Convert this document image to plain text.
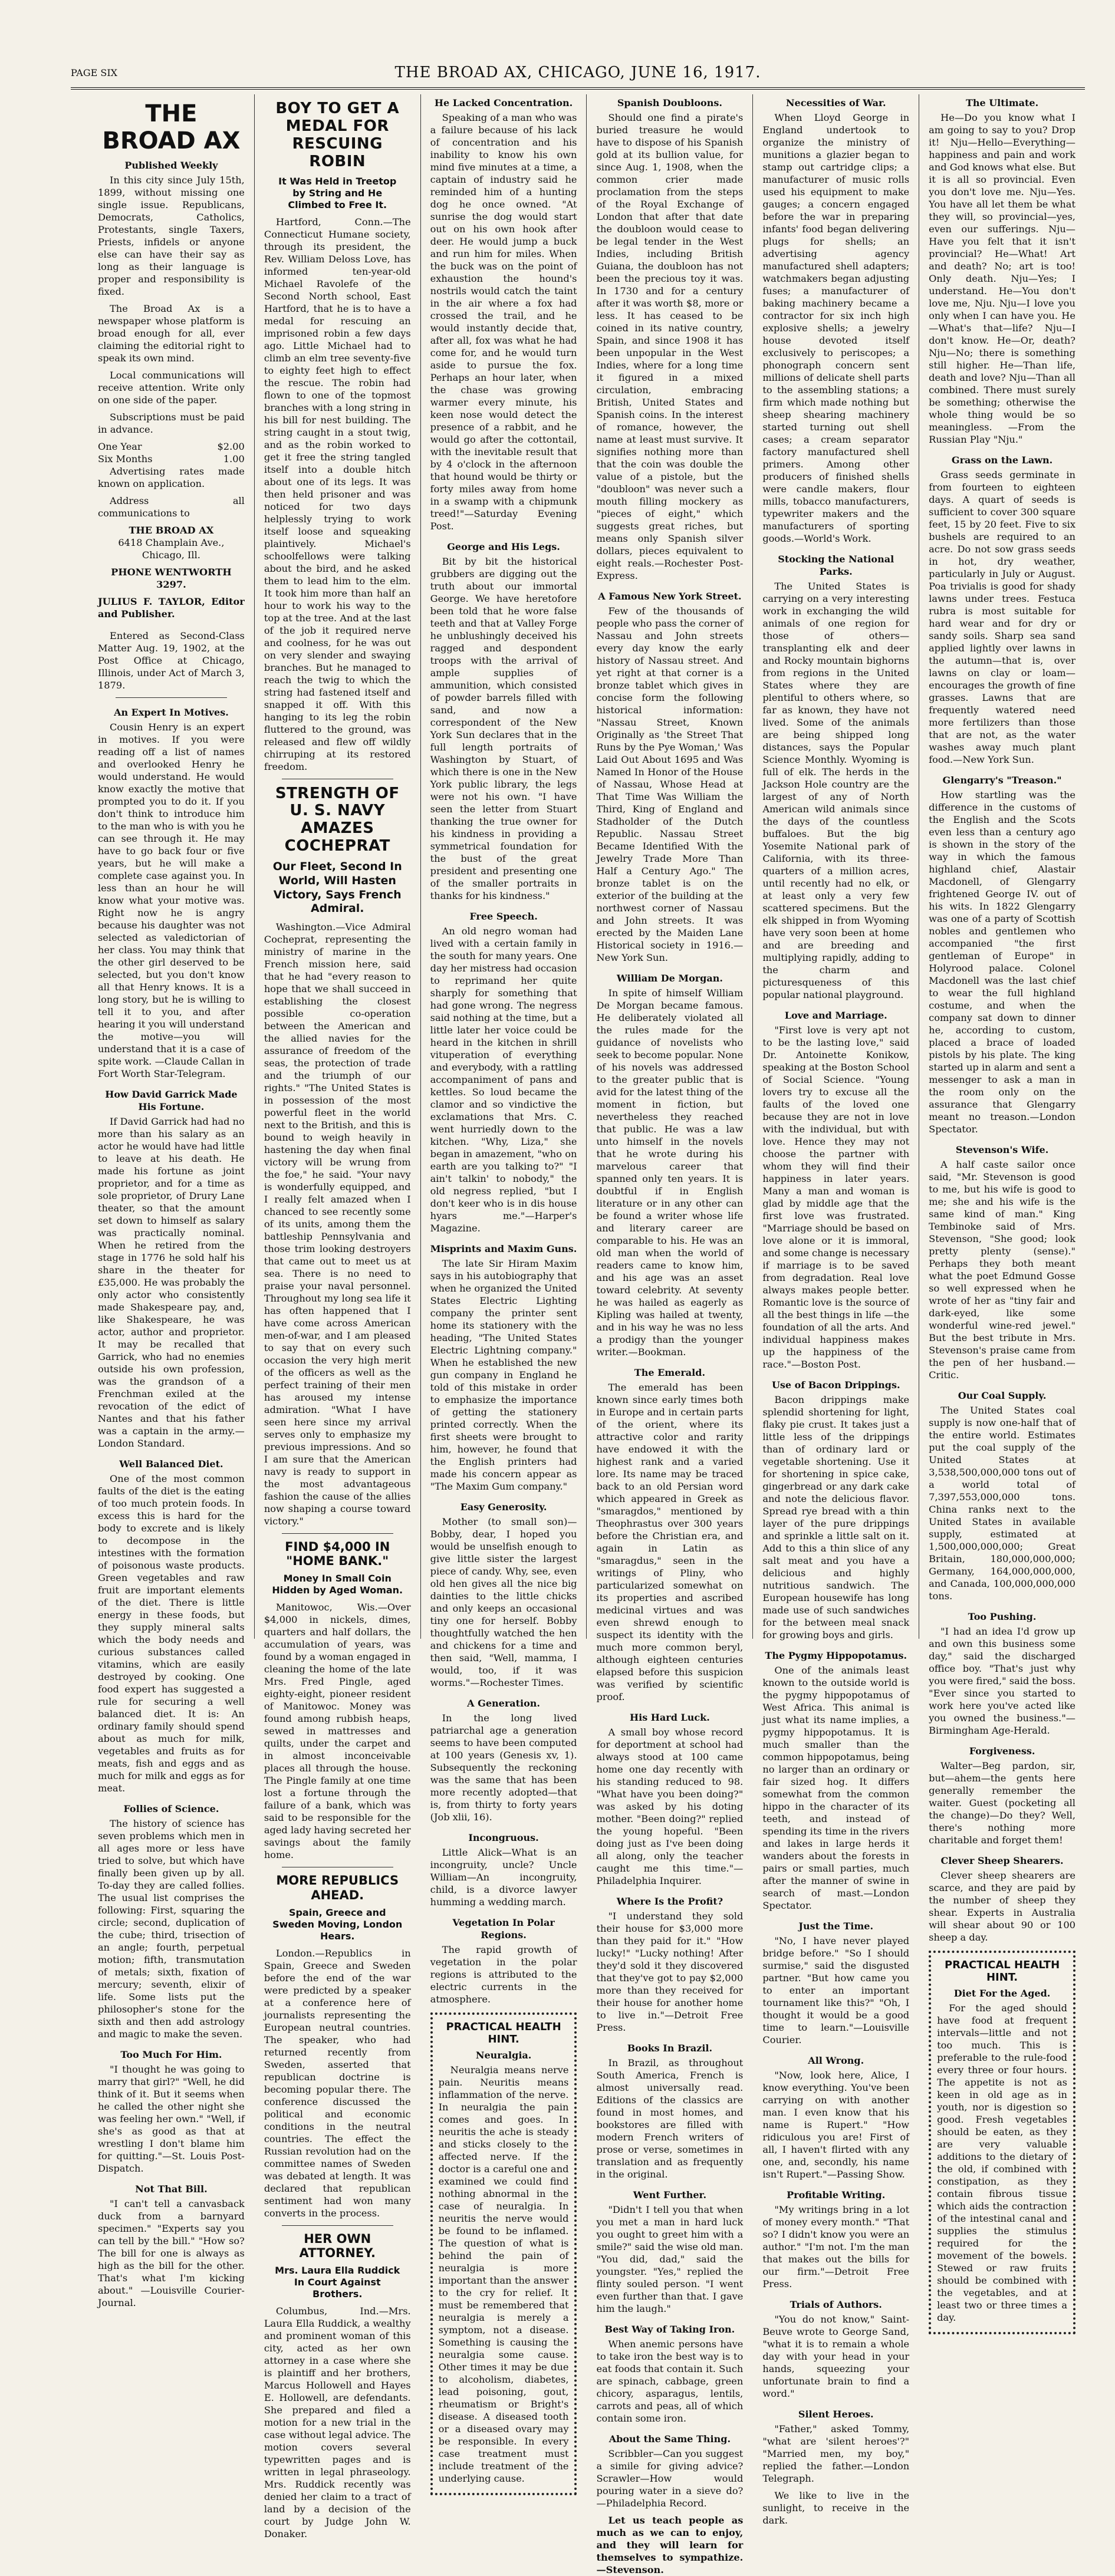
PAGE SIX	THE BROAD AX, CHICAGO, JUNE 16, 1917.
THE BROAD AX
Published Weekly

In this city since July 15th, 1899, without missing one single issue. Republicans, Democrats, Catholics, Protestants, single Taxers, Priests, infidels or anyone else can have their say as long as their language is proper and responsibility is fixed.

The Broad Ax is a newspaper whose platform is broad enough for all, ever claiming the editorial right to speak its own mind.

Local communications will receive attention. Write only on one side of the paper.

Subscriptions must be paid in advance.

One Year	$2.00
Six Months	1.00

Advertising rates made known on application.

Address all communications to

THE BROAD AX

6418 Champlain Ave., Chicago, Ill.

PHONE WENTWORTH 3297.

JULIUS F. TAYLOR, Editor and Publisher.

Entered as Second-Class Matter Aug. 19, 1902, at the Post Office at Chicago, Illinois, under Act of March 3, 1879.

An Expert In Motives.

Cousin Henry is an expert in motives. If you were reading off a list of names and overlooked Henry he would understand. He would know exactly the motive that prompted you to do it. If you don't think to introduce him to the man who is with you he can see through it. He may have to go back four or five years, but he will make a complete case against you. In less than an hour he will know what your motive was. Right now he is angry because his daughter was not selected as valedictorian of her class. You may think that the other girl deserved to be selected, but you don't know all that Henry knows. It is a long story, but he is willing to tell it to you, and after hearing it you will understand the motive—you will understand that it is a case of spite work. —Claude Callan in Fort Worth Star-Telegram.

How David Garrick Made His Fortune.

If David Garrick had had no more than his salary as an actor he would have had little to leave at his death. He made his fortune as joint proprietor, and for a time as sole proprietor, of Drury Lane theater, so that the amount set down to himself as salary was practically nominal. When he retired from the stage in 1776 he sold half his share in the theater for £35,000. He was probably the only actor who consistently made Shakespeare pay, and, like Shakespeare, he was actor, author and proprietor. It may be recalled that Garrick, who had no enemies outside his own profession, was the grandson of a Frenchman exiled at the revocation of the edict of Nantes and that his father was a captain in the army.—London Standard.

Well Balanced Diet.

One of the most common faults of the diet is the eating of too much protein foods. In excess this is hard for the body to excrete and is likely to decompose in the intestines with the formation of poisonous waste products. Green vegetables and raw fruit are important elements of the diet. There is little energy in these foods, but they supply mineral salts which the body needs and curious substances called vitamins, which are easily destroyed by cooking. One food expert has suggested a rule for securing a well balanced diet. It is: An ordinary family should spend about as much for milk, vegetables and fruits as for meats, fish and eggs and as much for milk and eggs as for meat.

Follies of Science.

The history of science has seven problems which men in all ages more or less have tried to solve, but which have finally been given up by all. To-day they are called follies. The usual list comprises the following: First, squaring the circle; second, duplication of the cube; third, trisection of an angle; fourth, perpetual motion; fifth, transmutation of metals; sixth, fixation of mercury; seventh, elixir of life. Some lists put the philosopher's stone for the sixth and then add astrology and magic to make the seven.

Too Much For Him.

"I thought he was going to marry that girl?" "Well, he did think of it. But it seems when he called the other night she was feeling her own." "Well, if she's as good as that at wrestling I don't blame him for quitting."—St. Louis Post-Dispatch.

Not That Bill.

"I can't tell a canvasback duck from a barnyard specimen." "Experts say you can tell by the bill." "How so? The bill for one is always as high as the bill for the other. That's what I'm kicking about." —Louisville Courier-Journal.

BOY TO GET A MEDAL FOR RESCUING ROBIN
It Was Held in Treetop by String and He Climbed to Free It.

Hartford, Conn.—The Connecticut Humane society, through its president, the Rev. William Deloss Love, has informed ten-year-old Michael Ravolefe of the Second North school, East Hartford, that he is to have a medal for rescuing an imprisoned robin a few days ago. Little Michael had to climb an elm tree seventy-five to eighty feet high to effect the rescue. The robin had flown to one of the topmost branches with a long string in his bill for nest building. The string caught in a stout twig, and as the robin worked to get it free the string tangled itself into a double hitch about one of its legs. It was then held prisoner and was noticed for two days helplessly trying to work itself loose and squeaking plaintively. Michael's schoolfellows were talking about the bird, and he asked them to lead him to the elm. It took him more than half an hour to work his way to the top at the tree. And at the last of the job it required nerve and coolness, for he was out on very slender and swaying branches. But he managed to reach the twig to which the string had fastened itself and snapped it off. With this hanging to its leg the robin fluttered to the ground, was released and flew off wildly chirruping at its restored freedom.

STRENGTH OF U. S. NAVY AMAZES COCHEPRAT
Our Fleet, Second In World, Will Hasten Victory, Says French Admiral.

Washington.—Vice Admiral Cocheprat, representing the ministry of marine in the French mission here, said that he had "every reason to hope that we shall succeed in establishing the closest possible co-operation between the American and the allied navies for the assurance of freedom of the seas, the protection of trade and the triumph of our rights." "The United States is in possession of the most powerful fleet in the world next to the British, and this is bound to weigh heavily in hastening the day when final victory will be wrung from the foe," he said. "Your navy is wonderfully equipped, and I really felt amazed when I chanced to see recently some of its units, among them the battleship Pennsylvania and those trim looking destroyers that came out to meet us at sea. There is no need to praise your naval personnel. Throughout my long sea life it has often happened that I have come across American men-of-war, and I am pleased to say that on every such occasion the very high merit of the officers as well as the perfect training of their men has aroused my intense admiration. "What I have seen here since my arrival serves only to emphasize my previous impressions. And so I am sure that the American navy is ready to support in the most advantageous fashion the cause of the allies now shaping a course toward victory."

FIND $4,000 IN "HOME BANK."
Money In Small Coin Hidden by Aged Woman.

Manitowoc, Wis.—Over $4,000 in nickels, dimes, quarters and half dollars, the accumulation of years, was found by a woman engaged in cleaning the home of the late Mrs. Fred Pingle, aged eighty-eight, pioneer resident of Manitowoc. Money was found among rubbish heaps, sewed in mattresses and quilts, under the carpet and in almost inconceivable places all through the house. The Pingle family at one time lost a fortune through the failure of a bank, which was said to be responsible for the aged lady having secreted her savings about the family home.

MORE REPUBLICS AHEAD.
Spain, Greece and Sweden Moving, London Hears.

London.—Republics in Spain, Greece and Sweden before the end of the war were predicted by a speaker at a conference here of journalists representing the European neutral countries. The speaker, who had returned recently from Sweden, asserted that republican doctrine is becoming popular there. The conference discussed the political and economic conditions in the neutral countries. The effect the Russian revolution had on the committee names of Sweden was debated at length. It was declared that republican sentiment had won many converts in the process.

HER OWN ATTORNEY.
Mrs. Laura Ella Ruddick In Court Against Brothers.

Columbus, Ind.—Mrs. Laura Ella Ruddick, a wealthy and prominent woman of this city, acted as her own attorney in a case where she is plaintiff and her brothers, Marcus Hollowell and Hayes E. Hollowell, are defendants. She prepared and filed a motion for a new trial in the case without legal advice. The motion covers several typewritten pages and is written in legal phraseology. Mrs. Ruddick recently was denied her claim to a tract of land by a decision of the court by Judge John W. Donaker.

He Lacked Concentration.

Speaking of a man who was a failure because of his lack of concentration and his inability to know his own mind five minutes at a time, a captain of industry said he reminded him of a hunting dog he once owned. "At sunrise the dog would start out on his own hook after deer. He would jump a buck and run him for miles. When the buck was on the point of exhaustion the hound's nostrils would catch the taint in the air where a fox had crossed the trail, and he would instantly decide that, after all, fox was what he had come for, and he would turn aside to pursue the fox. Perhaps an hour later, when the chase was growing warmer every minute, his keen nose would detect the presence of a rabbit, and he would go after the cottontail, with the inevitable result that by 4 o'clock in the afternoon that hound would be thirty or forty miles away from home in a swamp with a chipmunk treed!"—Saturday Evening Post.

George and His Legs.

Bit by bit the historical grubbers are digging out the truth about our immortal George. We have heretofore been told that he wore false teeth and that at Valley Forge he unblushingly deceived his ragged and despondent troops with the arrival of ample supplies of ammunition, which consisted of powder barrels filled with sand, and now a correspondent of the New York Sun declares that in the full length portraits of Washington by Stuart, of which there is one in the New York public library, the legs were not his own. "I have seen the letter from Stuart thanking the true owner for his kindness in providing a symmetrical foundation for the bust of the great president and presenting one of the smaller portraits in thanks for his kindness."

Free Speech.

An old negro woman had lived with a certain family in the south for many years. One day her mistress had occasion to reprimand her quite sharply for something that had gone wrong. The negress said nothing at the time, but a little later her voice could be heard in the kitchen in shrill vituperation of everything and everybody, with a rattling accompaniment of pans and kettles. So loud became the clamor and so vindictive the exclamations that Mrs. C. went hurriedly down to the kitchen. "Why, Liza," she began in amazement, "who on earth are you talking to?" "I ain't talkin' to nobody," the old negress replied, "but I don't keer who is in dis house hyars me."—Harper's Magazine.

Misprints and Maxim Guns.

The late Sir Hiram Maxim says in his autobiography that when he organized the United States Electric Lighting company the printer sent home its stationery with the heading, "The United States Electric Lightning company." When he established the new gun company in England he told of this mistake in order to emphasize the importance of getting the stationery printed correctly. When the first sheets were brought to him, however, he found that the English printers had made his concern appear as "The Maxim Gum company."

Easy Generosity.

Mother (to small son)—Bobby, dear, I hoped you would be unselfish enough to give little sister the largest piece of candy. Why, see, even old hen gives all the nice big dainties to the little chicks and only keeps an occasional tiny one for herself. Bobby thoughtfully watched the hen and chickens for a time and then said, "Well, mamma, I would, too, if it was worms."—Rochester Times.

A Generation.

In the long lived patriarchal age a generation seems to have been computed at 100 years (Genesis xv, 1). Subsequently the reckoning was the same that has been more recently adopted—that is, from thirty to forty years (Job xlii, 16).

Incongruous.

Little Alick—What is an incongruity, uncle? Uncle William—An incongruity, child, is a divorce lawyer humming a wedding march.

Vegetation In Polar Regions.

The rapid growth of vegetation in the polar regions is attributed to the electric currents in the atmosphere.

PRACTICAL HEALTH HINT.
Neuralgia.

Neuralgia means nerve pain. Neuritis means inflammation of the nerve. In neuralgia the pain comes and goes. In neuritis the ache is steady and sticks closely to the affected nerve. If the doctor is a careful one and examined we could find nothing abnormal in the case of neuralgia. In neuritis the nerve would be found to be inflamed. The question of what is behind the pain of neuralgia is more important than the answer to the cry for relief. It must be remembered that neuralgia is merely a symptom, not a disease. Something is causing the neuralgia some cause. Other times it may be due to alcoholism, diabetes, lead poisoning, gout, rheumatism or Bright's disease. A diseased tooth or a diseased ovary may be responsible. In every case treatment must include treatment of the underlying cause.

Spanish Doubloons.

Should one find a pirate's buried treasure he would have to dispose of his Spanish gold at its bullion value, for since Aug. 1, 1908, when the common crier made proclamation from the steps of the Royal Exchange of London that after that date the doubloon would cease to be legal tender in the West Indies, including British Guiana, the doubloon has not been the precious toy it was. In 1730 and for a century after it was worth $8, more or less. It has ceased to be coined in its native country, Spain, and since 1908 it has been unpopular in the West Indies, where for a long time it figured in a mixed circulation, embracing British, United States and Spanish coins. In the interest of romance, however, the name at least must survive. It signifies nothing more than that the coin was double the value of a pistole, but the "doubloon" was never such a mouth filling mockery as "pieces of eight," which suggests great riches, but means only Spanish silver dollars, pieces equivalent to eight reals.—Rochester Post-Express.

A Famous New York Street.

Few of the thousands of people who pass the corner of Nassau and John streets every day know the early history of Nassau street. And yet right at that corner is a bronze tablet which gives in concise form the following historical information: "Nassau Street, Known Originally as 'the Street That Runs by the Pye Woman,' Was Laid Out About 1695 and Was Named In Honor of the House of Nassau, Whose Head at That Time Was William the Third, King of England and Stadholder of the Dutch Republic. Nassau Street Became Identified With the Jewelry Trade More Than Half a Century Ago." The bronze tablet is on the exterior of the building at the northwest corner of Nassau and John streets. It was erected by the Maiden Lane Historical society in 1916.—New York Sun.

William De Morgan.

In spite of himself William De Morgan became famous. He deliberately violated all the rules made for the guidance of novelists who seek to become popular. None of his novels was addressed to the greater public that is avid for the latest thing of the moment in fiction, but nevertheless they reached that public. He was a law unto himself in the novels that he wrote during his marvelous career that spanned only ten years. It is doubtful if in English literature or in any other can be found a writer whose life and literary career are comparable to his. He was an old man when the world of readers came to know him, and his age was an asset toward celebrity. At seventy he was hailed as eagerly as Kipling was hailed at twenty, and in his way he was no less a prodigy than the younger writer.—Bookman.

The Emerald.

The emerald has been known since early times both in Europe and in certain parts of the orient, where its attractive color and rarity have endowed it with the highest rank and a varied lore. Its name may be traced back to an old Persian word which appeared in Greek as "smaragdos," mentioned by Theophrastus over 300 years before the Christian era, and again in Latin as "smaragdus," seen in the writings of Pliny, who particularized somewhat on its properties and ascribed medicinal virtues and was even shrewd enough to suspect its identity with the much more common beryl, although eighteen centuries elapsed before this suspicion was verified by scientific proof.

His Hard Luck.

A small boy whose record for deportment at school had always stood at 100 came home one day recently with his standing reduced to 98. "What have you been doing?" was asked by his doting mother. "Been doing?" replied the young hopeful. "Been doing just as I've been doing all along, only the teacher caught me this time."—Philadelphia Inquirer.

Where Is the Profit?

"I understand they sold their house for $3,000 more than they paid for it." "How lucky!" "Lucky nothing! After they'd sold it they discovered that they've got to pay $2,000 more than they received for their house for another home to live in."—Detroit Free Press.

Books In Brazil.

In Brazil, as throughout South America, French is almost universally read. Editions of the classics are found in most homes, and bookstores are filled with modern French writers of prose or verse, sometimes in translation and as frequently in the original.

Went Further.

"Didn't I tell you that when you met a man in hard luck you ought to greet him with a smile?" said the wise old man. "You did, dad," said the youngster. "Yes," replied the flinty souled person. "I went even further than that. I gave him the laugh."

Best Way of Taking Iron.

When anemic persons have to take iron the best way is to eat foods that contain it. Such are spinach, cabbage, green chicory, asparagus, lentils, carrots and peas, all of which contain some iron.

About the Same Thing.

Scribbler—Can you suggest a simile for giving advice? Scrawler—How would pouring water in a sieve do? —Philadelphia Record.

Let us teach people as much as we can to enjoy, and they will learn for themselves to sympathize.—Stevenson.

Necessities of War.

When Lloyd George in England undertook to organize the ministry of munitions a glazier began to stamp out cartridge clips; a manufacturer of music rolls used his equipment to make gauges; a concern engaged before the war in preparing infants' food began delivering plugs for shells; an advertising agency manufactured shell adapters; watchmakers began adjusting fuses; a manufacturer of baking machinery became a contractor for six inch high explosive shells; a jewelry house devoted itself exclusively to periscopes; a phonograph concern sent millions of delicate shell parts to the assembling stations; a firm which made nothing but sheep shearing machinery started turning out shell cases; a cream separator factory manufactured shell primers. Among other producers of finished shells were candle makers, flour mills, tobacco manufacturers, typewriter makers and the manufacturers of sporting goods.—World's Work.

Stocking the National Parks.

The United States is carrying on a very interesting work in exchanging the wild animals of one region for those of others—transplanting elk and deer and Rocky mountain bighorns from regions in the United States where they are plentiful to others where, so far as known, they have not lived. Some of the animals are being shipped long distances, says the Popular Science Monthly. Wyoming is full of elk. The herds in the Jackson Hole country are the largest of any of North American wild animals since the days of the countless buffaloes. But the big Yosemite National park of California, with its three-quarters of a million acres, until recently had no elk, or at least only a very few scattered specimens. But the elk shipped in from Wyoming have very soon been at home and are breeding and multiplying rapidly, adding to the charm and picturesqueness of this popular national playground.

Love and Marriage.

"First love is very apt not to be the lasting love," said Dr. Antoinette Konikow, speaking at the Boston School of Social Science. "Young lovers try to excuse all the faults of the loved one because they are not in love with the individual, but with love. Hence they may not choose the partner with whom they will find their happiness in later years. Many a man and woman is glad by middle age that the first love was frustrated. "Marriage should be based on love alone or it is immoral, and some change is necessary if marriage is to be saved from degradation. Real love always makes people better. Romantic love is the source of all the best things in life —the foundation of all the arts. And individual happiness makes up the happiness of the race."—Boston Post.

Use of Bacon Drippings.

Bacon drippings make splendid shortening for light, flaky pie crust. It takes just a little less of the drippings than of ordinary lard or vegetable shortening. Use it for shortening in spice cake, gingerbread or any dark cake and note the delicious flavor. Spread rye bread with a thin layer of the pure drippings and sprinkle a little salt on it. Add to this a thin slice of any salt meat and you have a delicious and highly nutritious sandwich. The European housewife has long made use of such sandwiches for the between meal snack for growing boys and girls.

The Pygmy Hippopotamus.

One of the animals least known to the outside world is the pygmy hippopotamus of West Africa. This animal is just what its name implies, a pygmy hippopotamus. It is much smaller than the common hippopotamus, being no larger than an ordinary or fair sized hog. It differs somewhat from the common hippo in the character of its teeth, and instead of spending its time in the rivers and lakes in large herds it wanders about the forests in pairs or small parties, much after the manner of swine in search of mast.—London Spectator.

Just the Time.

"No, I have never played bridge before." "So I should surmise," said the disgusted partner. "But how came you to enter an important tournament like this?" "Oh, I thought it would be a good time to learn."—Louisville Courier.

All Wrong.

"Now, look here, Alice, I know everything. You've been carrying on with another man. I even know that his name is Rupert." "How ridiculous you are! First of all, I haven't flirted with any one, and, secondly, his name isn't Rupert."—Passing Show.

Profitable Writing.

"My writings bring in a lot of money every month." "That so? I didn't know you were an author." "I'm not. I'm the man that makes out the bills for our firm."—Detroit Free Press.

Trials of Authors.

"You do not know," Saint-Beuve wrote to George Sand, "what it is to remain a whole day with your head in your hands, squeezing your unfortunate brain to find a word."

Silent Heroes.

"Father," asked Tommy, "what are 'silent heroes'?" "Married men, my boy," replied the father.—London Telegraph.

We like to live in the sunlight, to receive in the dark.

The Ultimate.

He—Do you know what I am going to say to you? Drop it! Nju—Hello—Everything—happiness and pain and work and God knows what else. But it is all so provincial. Even you don't love me. Nju—Yes. You have all let them be what they will, so provincial—yes, even our sufferings. Nju—Have you felt that it isn't provincial? He—What! Art and death? No; art is too! Only death. Nju—Yes; I understand. He—You don't love me, Nju. Nju—I love you only when I can have you. He—What's that—life? Nju—I don't know. He—Or, death? Nju—No; there is something still higher. He—Than life, death and love? Nju—Than all combined. There must surely be something; otherwise the whole thing would be so meaningless. —From the Russian Play "Nju."

Grass on the Lawn.

Grass seeds germinate in from fourteen to eighteen days. A quart of seeds is sufficient to cover 300 square feet, 15 by 20 feet. Five to six bushels are required to an acre. Do not sow grass seeds in hot, dry weather, particularly in July or August. Poa trivialis is good for shady lawns under trees. Festuca rubra is most suitable for hard wear and for dry or sandy soils. Sharp sea sand applied lightly over lawns in the autumn—that is, over lawns on clay or loam—encourages the growth of fine grasses. Lawns that are frequently watered need more fertilizers than those that are not, as the water washes away much plant food.—New York Sun.

Glengarry's "Treason."

How startling was the difference in the customs of the English and the Scots even less than a century ago is shown in the story of the way in which the famous highland chief, Alastair Macdonell, of Glengarry frightened George IV. out of his wits. In 1822 Glengarry was one of a party of Scottish nobles and gentlemen who accompanied "the first gentleman of Europe" in Holyrood palace. Colonel Macdonell was the last chief to wear the full highland costume, and when the company sat down to dinner he, according to custom, placed a brace of loaded pistols by his plate. The king started up in alarm and sent a messenger to ask a man in the room only on the assurance that Glengarry meant no treason.—London Spectator.

Stevenson's Wife.

A half caste sailor once said, "Mr. Stevenson is good to me, but his wife is good to me; she and his wife is the same kind of man." King Tembinoke said of Mrs. Stevenson, "She good; look pretty plenty (sense)." Perhaps they both meant what the poet Edmund Gosse so well expressed when he wrote of her as "tiny fair and dark-eyed, like some wonderful wine-red jewel." But the best tribute in Mrs. Stevenson's praise came from the pen of her husband.—Critic.

Our Coal Supply.

The United States coal supply is now one-half that of the entire world. Estimates put the coal supply of the United States at 3,538,500,000,000 tons out of a world total of 7,397,553,000,000 tons. China ranks next to the United States in available supply, estimated at 1,500,000,000,000; Great Britain, 180,000,000,000; Germany, 164,000,000,000, and Canada, 100,000,000,000 tons.

Too Pushing.

"I had an idea I'd grow up and own this business some day," said the discharged office boy. "That's just why you were fired," said the boss. "Ever since you started to work here you've acted like you owned the business."—Birmingham Age-Herald.

Forgiveness.

Walter—Beg pardon, sir, but—ahem—the gents here generally remember the waiter. Guest (pocketing all the change)—Do they? Well, there's nothing more charitable and forget them!

Clever Sheep Shearers.

Clever sheep shearers are scarce, and they are paid by the number of sheep they shear. Experts in Australia will shear about 90 or 100 sheep a day.

PRACTICAL HEALTH HINT.
Diet For the Aged.

For the aged should have food at frequent intervals—little and not too much. This is preferable to the rule-food every three or four hours. The appetite is not as keen in old age as in youth, nor is digestion so good. Fresh vegetables should be eaten, as they are very valuable additions to the dietary of the old, if combined with constipation, as they contain fibrous tissue which aids the contraction of the intestinal canal and supplies the stimulus required for the movement of the bowels. Stewed or raw fruits should be combined with the vegetables, and at least two or three times a day.
